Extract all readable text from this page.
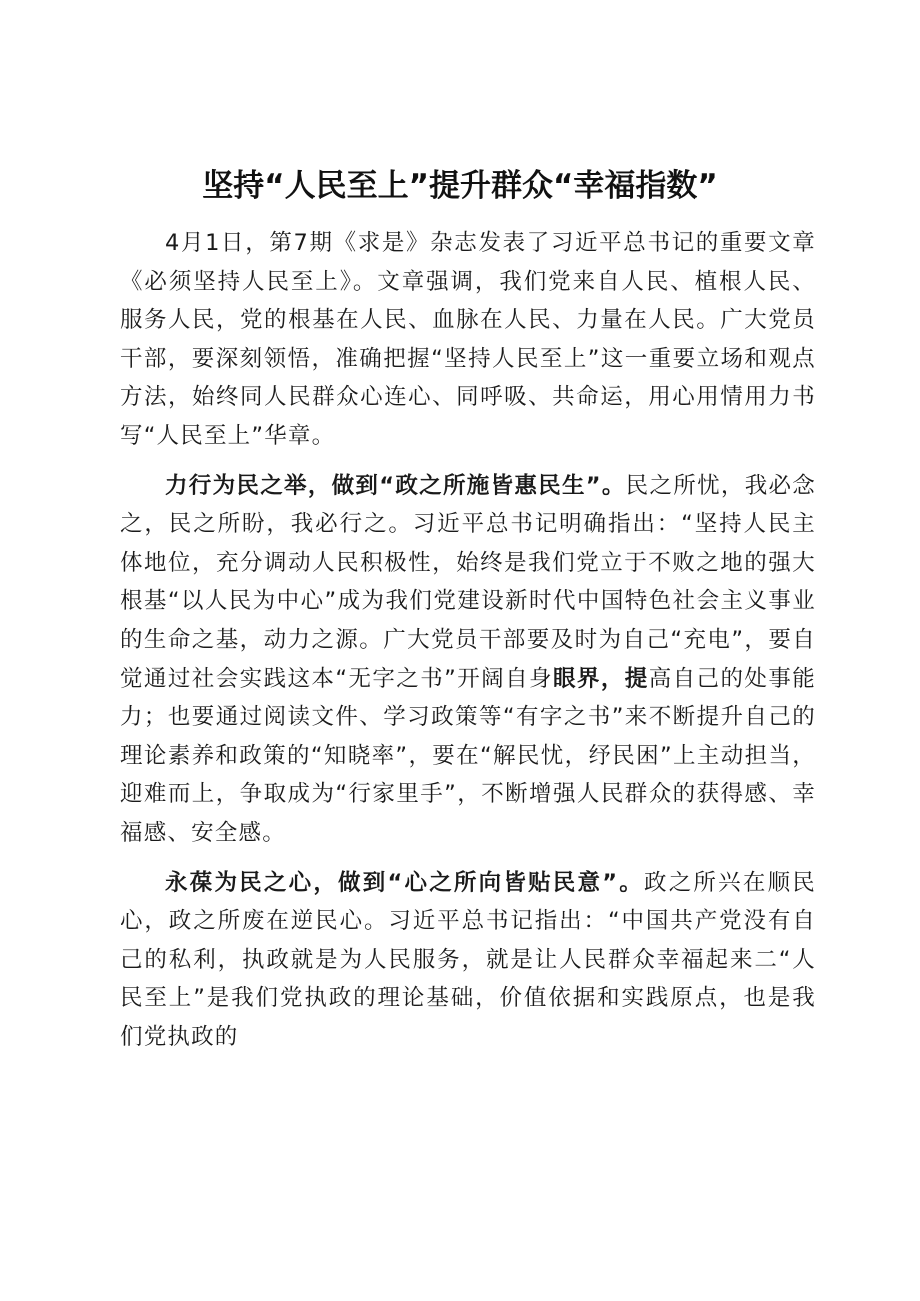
坚持“人民至上”提升群众“幸福指数”

4月1日，第7期《求是》杂志发表了习近平总书记的重要文章《必须坚持人民至上》。文章强调，我们党来自人民、植根人民、服务人民，党的根基在人民、血脉在人民、力量在人民。广大党员干部，要深刻领悟，准确把握“坚持人民至上”这一重要立场和观点方法，始终同人民群众心连心、同呼吸、共命运，用心用情用力书写“人民至上”华章。

力行为民之举，做到“政之所施皆惠民生”。民之所忧，我必念之，民之所盼，我必行之。习近平总书记明确指出：“坚持人民主体地位，充分调动人民积极性，始终是我们党立于不败之地的强大根基“以人民为中心”成为我们党建设新时代中国特色社会主义事业的生命之基，动力之源。广大党员干部要及时为自己“充电”，要自觉通过社会实践这本“无字之书”开阔自身眼界，提高自己的处事能力；也要通过阅读文件、学习政策等“有字之书”来不断提升自己的理论素养和政策的“知晓率”，要在“解民忧，纾民困”上主动担当，迎难而上，争取成为“行家里手”，不断增强人民群众的获得感、幸福感、安全感。

永葆为民之心，做到“心之所向皆贴民意”。政之所兴在顺民心，政之所废在逆民心。习近平总书记指出：“中国共产党没有自己的私利，执政就是为人民服务，就是让人民群众幸福起来二“人民至上”是我们党执政的理论基础，价值依据和实践原点，也是我们党执政的
